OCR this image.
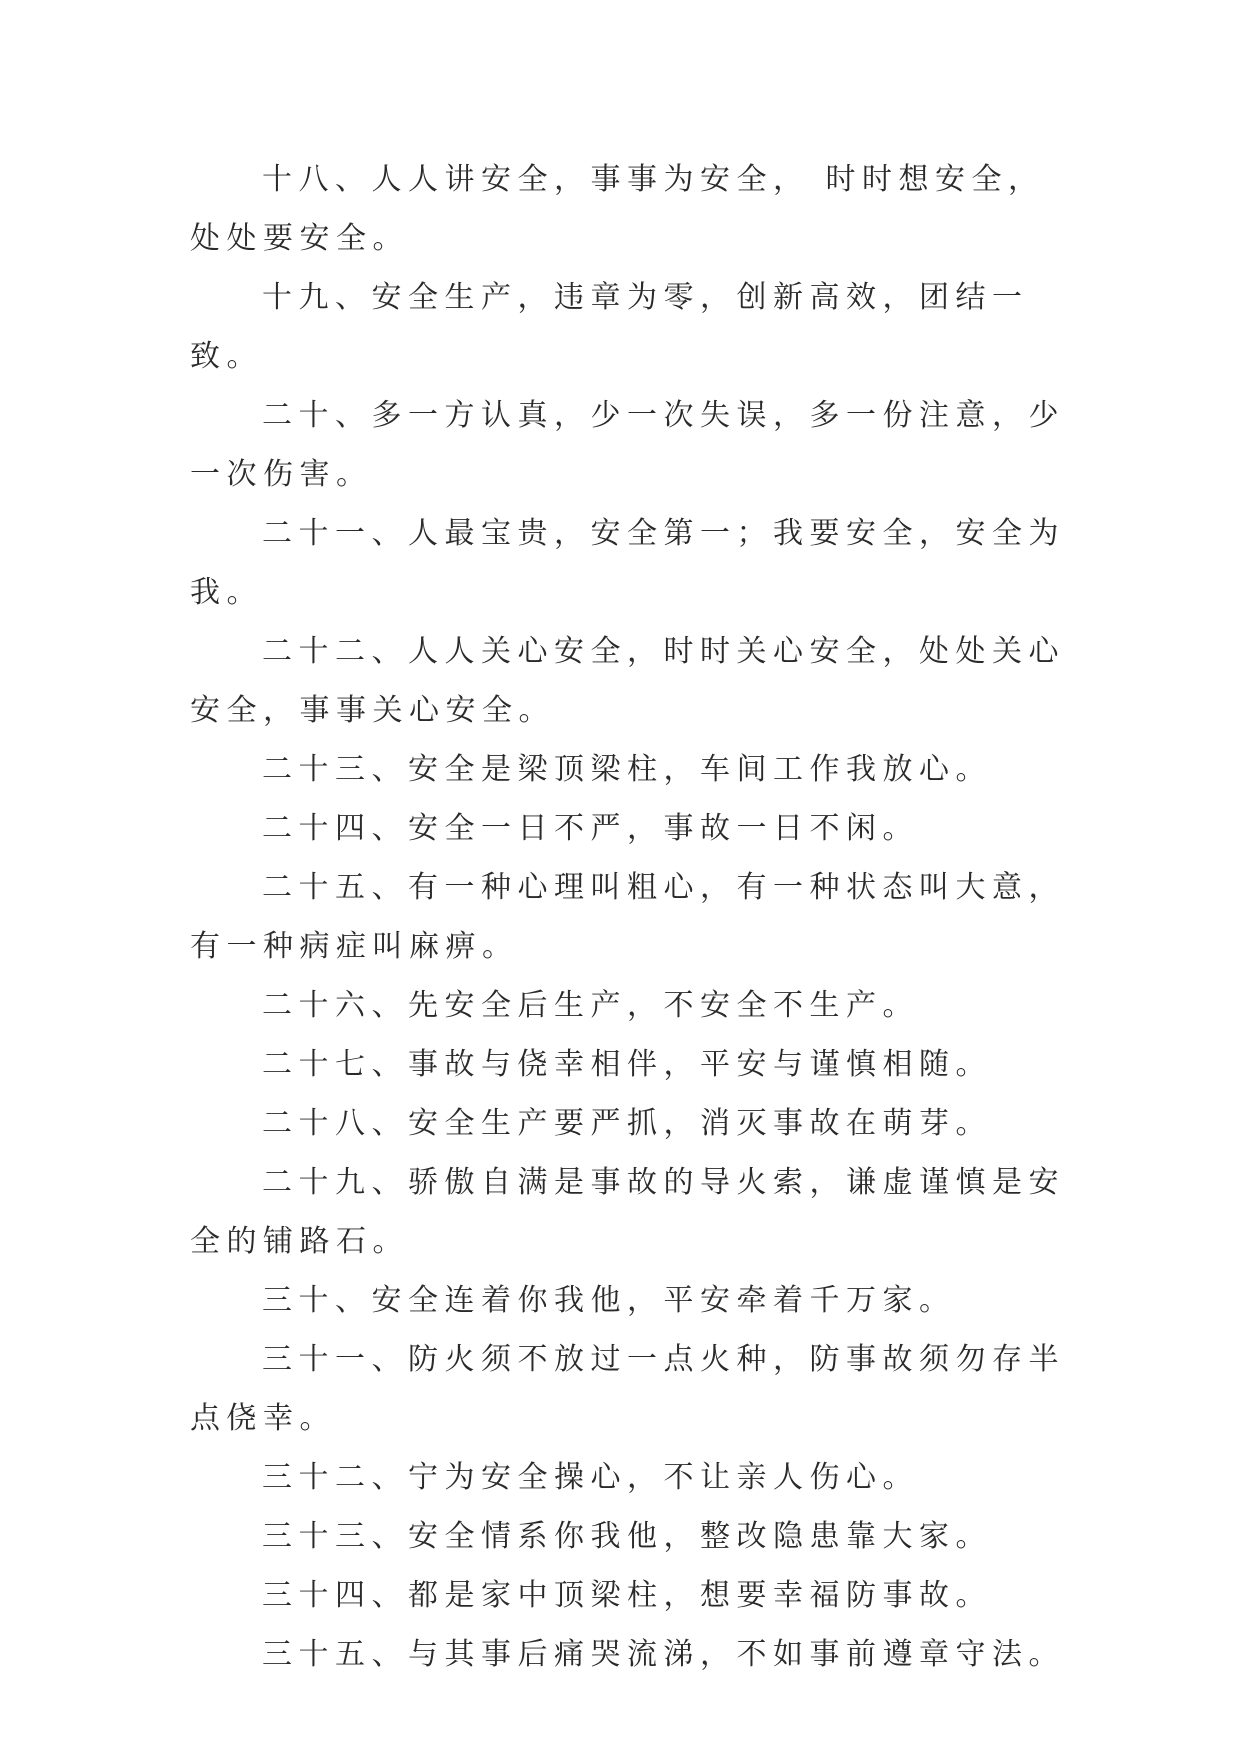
十八、人人讲安全，事事为安全， 时时想安全，处处要安全。

十九、安全生产，违章为零，创新高效，团结一致。

二十、多一方认真，少一次失误，多一份注意，少一次伤害。

二十一、人最宝贵，安全第一；我要安全，安全为我。

二十二、人人关心安全，时时关心安全，处处关心安全，事事关心安全。

二十三、安全是梁顶梁柱，车间工作我放心。

二十四、安全一日不严，事故一日不闲。

二十五、有一种心理叫粗心，有一种状态叫大意，有一种病症叫麻痹。

二十六、先安全后生产，不安全不生产。

二十七、事故与侥幸相伴，平安与谨慎相随。

二十八、安全生产要严抓，消灭事故在萌芽。

二十九、骄傲自满是事故的导火索，谦虚谨慎是安全的铺路石。

三十、安全连着你我他，平安牵着千万家。

三十一、防火须不放过一点火种，防事故须勿存半点侥幸。

三十二、宁为安全操心，不让亲人伤心。

三十三、安全情系你我他，整改隐患靠大家。

三十四、都是家中顶梁柱，想要幸福防事故。

三十五、与其事后痛哭流涕，不如事前遵章守法。
